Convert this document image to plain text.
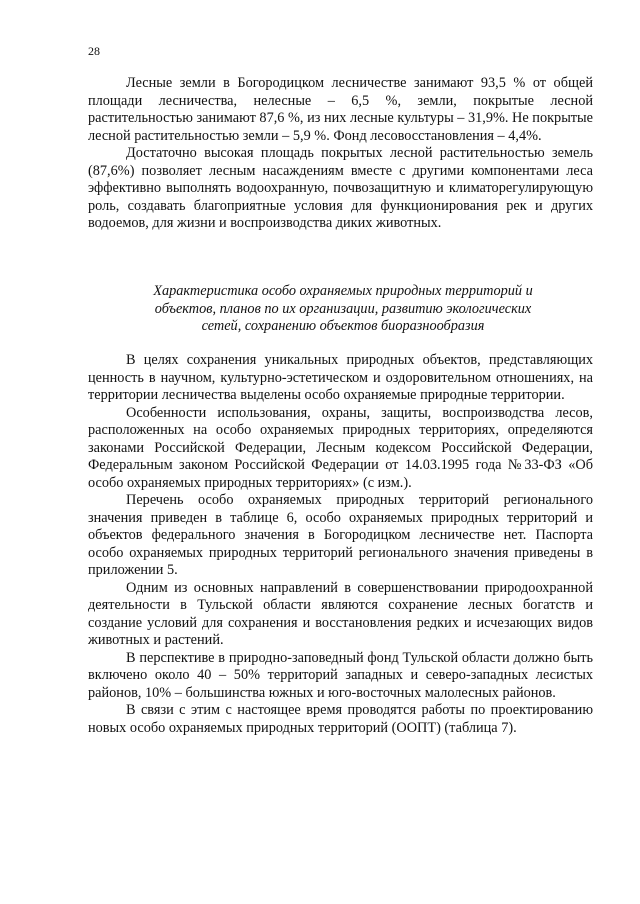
28

Лесные земли в Богородицком лесничестве занимают 93,5 % от общей площади лесничества, нелесные – 6,5 %, земли, покрытые лесной растительностью занимают 87,6 %, из них лесные культуры – 31,9%. Не покрытые лесной растительностью земли – 5,9 %. Фонд лесовосстановления – 4,4%.

Достаточно высокая площадь покрытых лесной растительностью земель (87,6%) позволяет лесным насаждениям вместе с другими компонентами леса эффективно выполнять водоохранную, почвозащитную и климаторегулирующую роль, создавать благоприятные условия для функционирования рек и других водоемов, для жизни и воспроизводства диких животных.

Характеристика особо охраняемых природных территорий и
объектов, планов по их организации, развитию экологических
сетей, сохранению объектов биоразнообразия

В целях сохранения уникальных природных объектов, представляющих ценность в научном, культурно-эстетическом и оздоровительном отношениях, на территории лесничества выделены особо охраняемые природные территории.

Особенности использования, охраны, защиты, воспроизводства лесов, расположенных на особо охраняемых природных территориях, определяются законами Российской Федерации, Лесным кодексом Российской Федерации, Федеральным законом Российской Федерации от 14.03.1995 года №33-ФЗ «Об особо охраняемых природных территориях» (с изм.).

Перечень особо охраняемых природных территорий регионального значения приведен в таблице 6, особо охраняемых природных территорий и объектов федерального значения в Богородицком лесничестве нет. Паспорта особо охраняемых природных территорий регионального значения приведены в приложении 5.

Одним из основных направлений в совершенствовании природоохранной деятельности в Тульской области являются сохранение лесных богатств и создание условий для сохранения и восстановления редких и исчезающих видов животных и растений.

В перспективе в природно-заповедный фонд Тульской области должно быть включено около 40 – 50% территорий западных и северо-западных лесистых районов, 10% – большинства южных и юго-восточных малолесных районов.

В связи с этим с настоящее время проводятся работы по проектированию новых особо охраняемых природных территорий (ООПТ) (таблица 7).
